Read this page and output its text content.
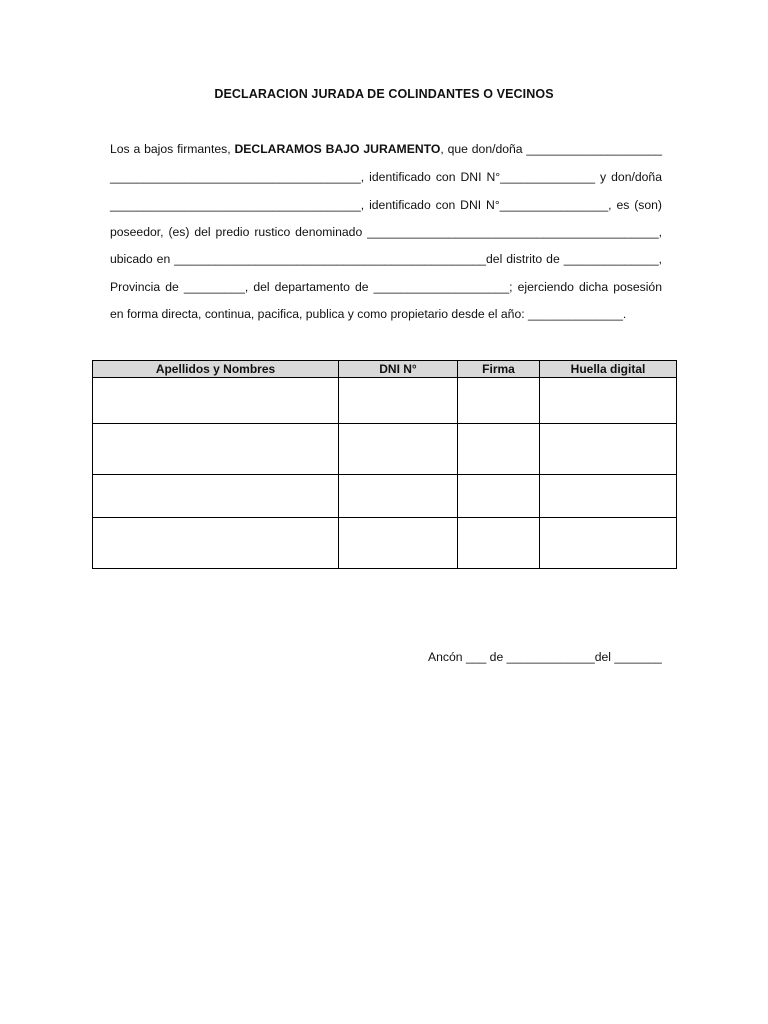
DECLARACION JURADA DE COLINDANTES O VECINOS
Los a bajos firmantes, DECLARAMOS BAJO JURAMENTO, que don/doña ____________________
_____________________________________, identificado con DNI N°______________ y don/doña
_____________________________________, identificado con DNI N°________________, es (son)
poseedor, (es) del predio rustico denominado ___________________________________________,
ubicado en ______________________________________________del distrito de ______________,
Provincia de _________, del departamento de ____________________; ejerciendo dicha posesión
en forma directa, continua, pacifica, publica y como propietario desde el año: ______________.
Apellidos y Nombres	DNI N°	Firma	Huella digital

Ancón ___ de _____________del _______
